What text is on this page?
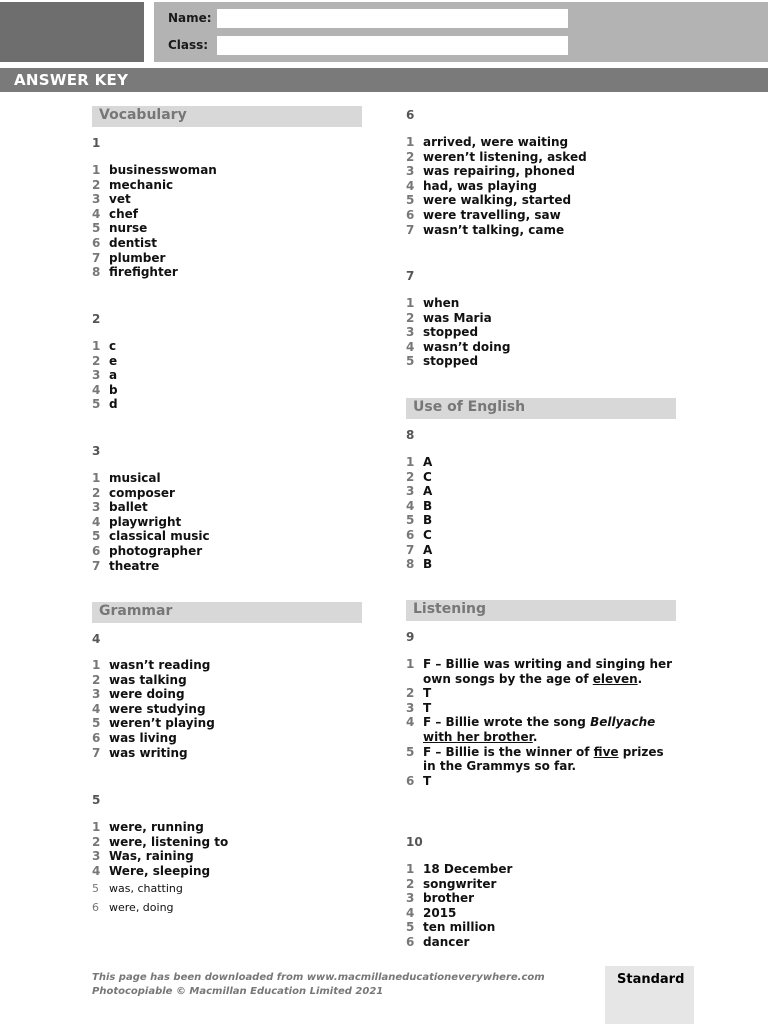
Name:
Class:
ANSWER KEY
Vocabulary
1
1 businesswoman
2 mechanic
3 vet
4 chef
5 nurse
6 dentist
7 plumber
8 firefighter
2
1 c
2 e
3 a
4 b
5 d
3
1 musical
2 composer
3 ballet
4 playwright
5 classical music
6 photographer
7 theatre
Grammar
4
1 wasn’t reading
2 was talking
3 were doing
4 were studying
5 weren’t playing
6 was living
7 was writing
5
1 were, running
2 were, listening to
3 Was, raining
4 Were, sleeping
5 was, chatting
6 were, doing
6
1 arrived, were waiting
2 weren’t listening, asked
3 was repairing, phoned
4 had, was playing
5 were walking, started
6 were travelling, saw
7 wasn’t talking, came
7
1 when
2 was Maria
3 stopped
4 wasn’t doing
5 stopped
Use of English
8
1 A
2 C
3 A
4 B
5 B
6 C
7 A
8 B
Listening
9
1 F – Billie was writing and singing her own songs by the age of eleven.
2 T
3 T
4 F – Billie wrote the song Bellyache with her brother.
5 F – Billie is the winner of five prizes in the Grammys so far.
6 T
10
1 18 December
2 songwriter
3 brother
4 2015
5 ten million
6 dancer
This page has been downloaded from www.macmillaneducationeverywhere.com
Photocopiable © Macmillan Education Limited 2021
Standard
